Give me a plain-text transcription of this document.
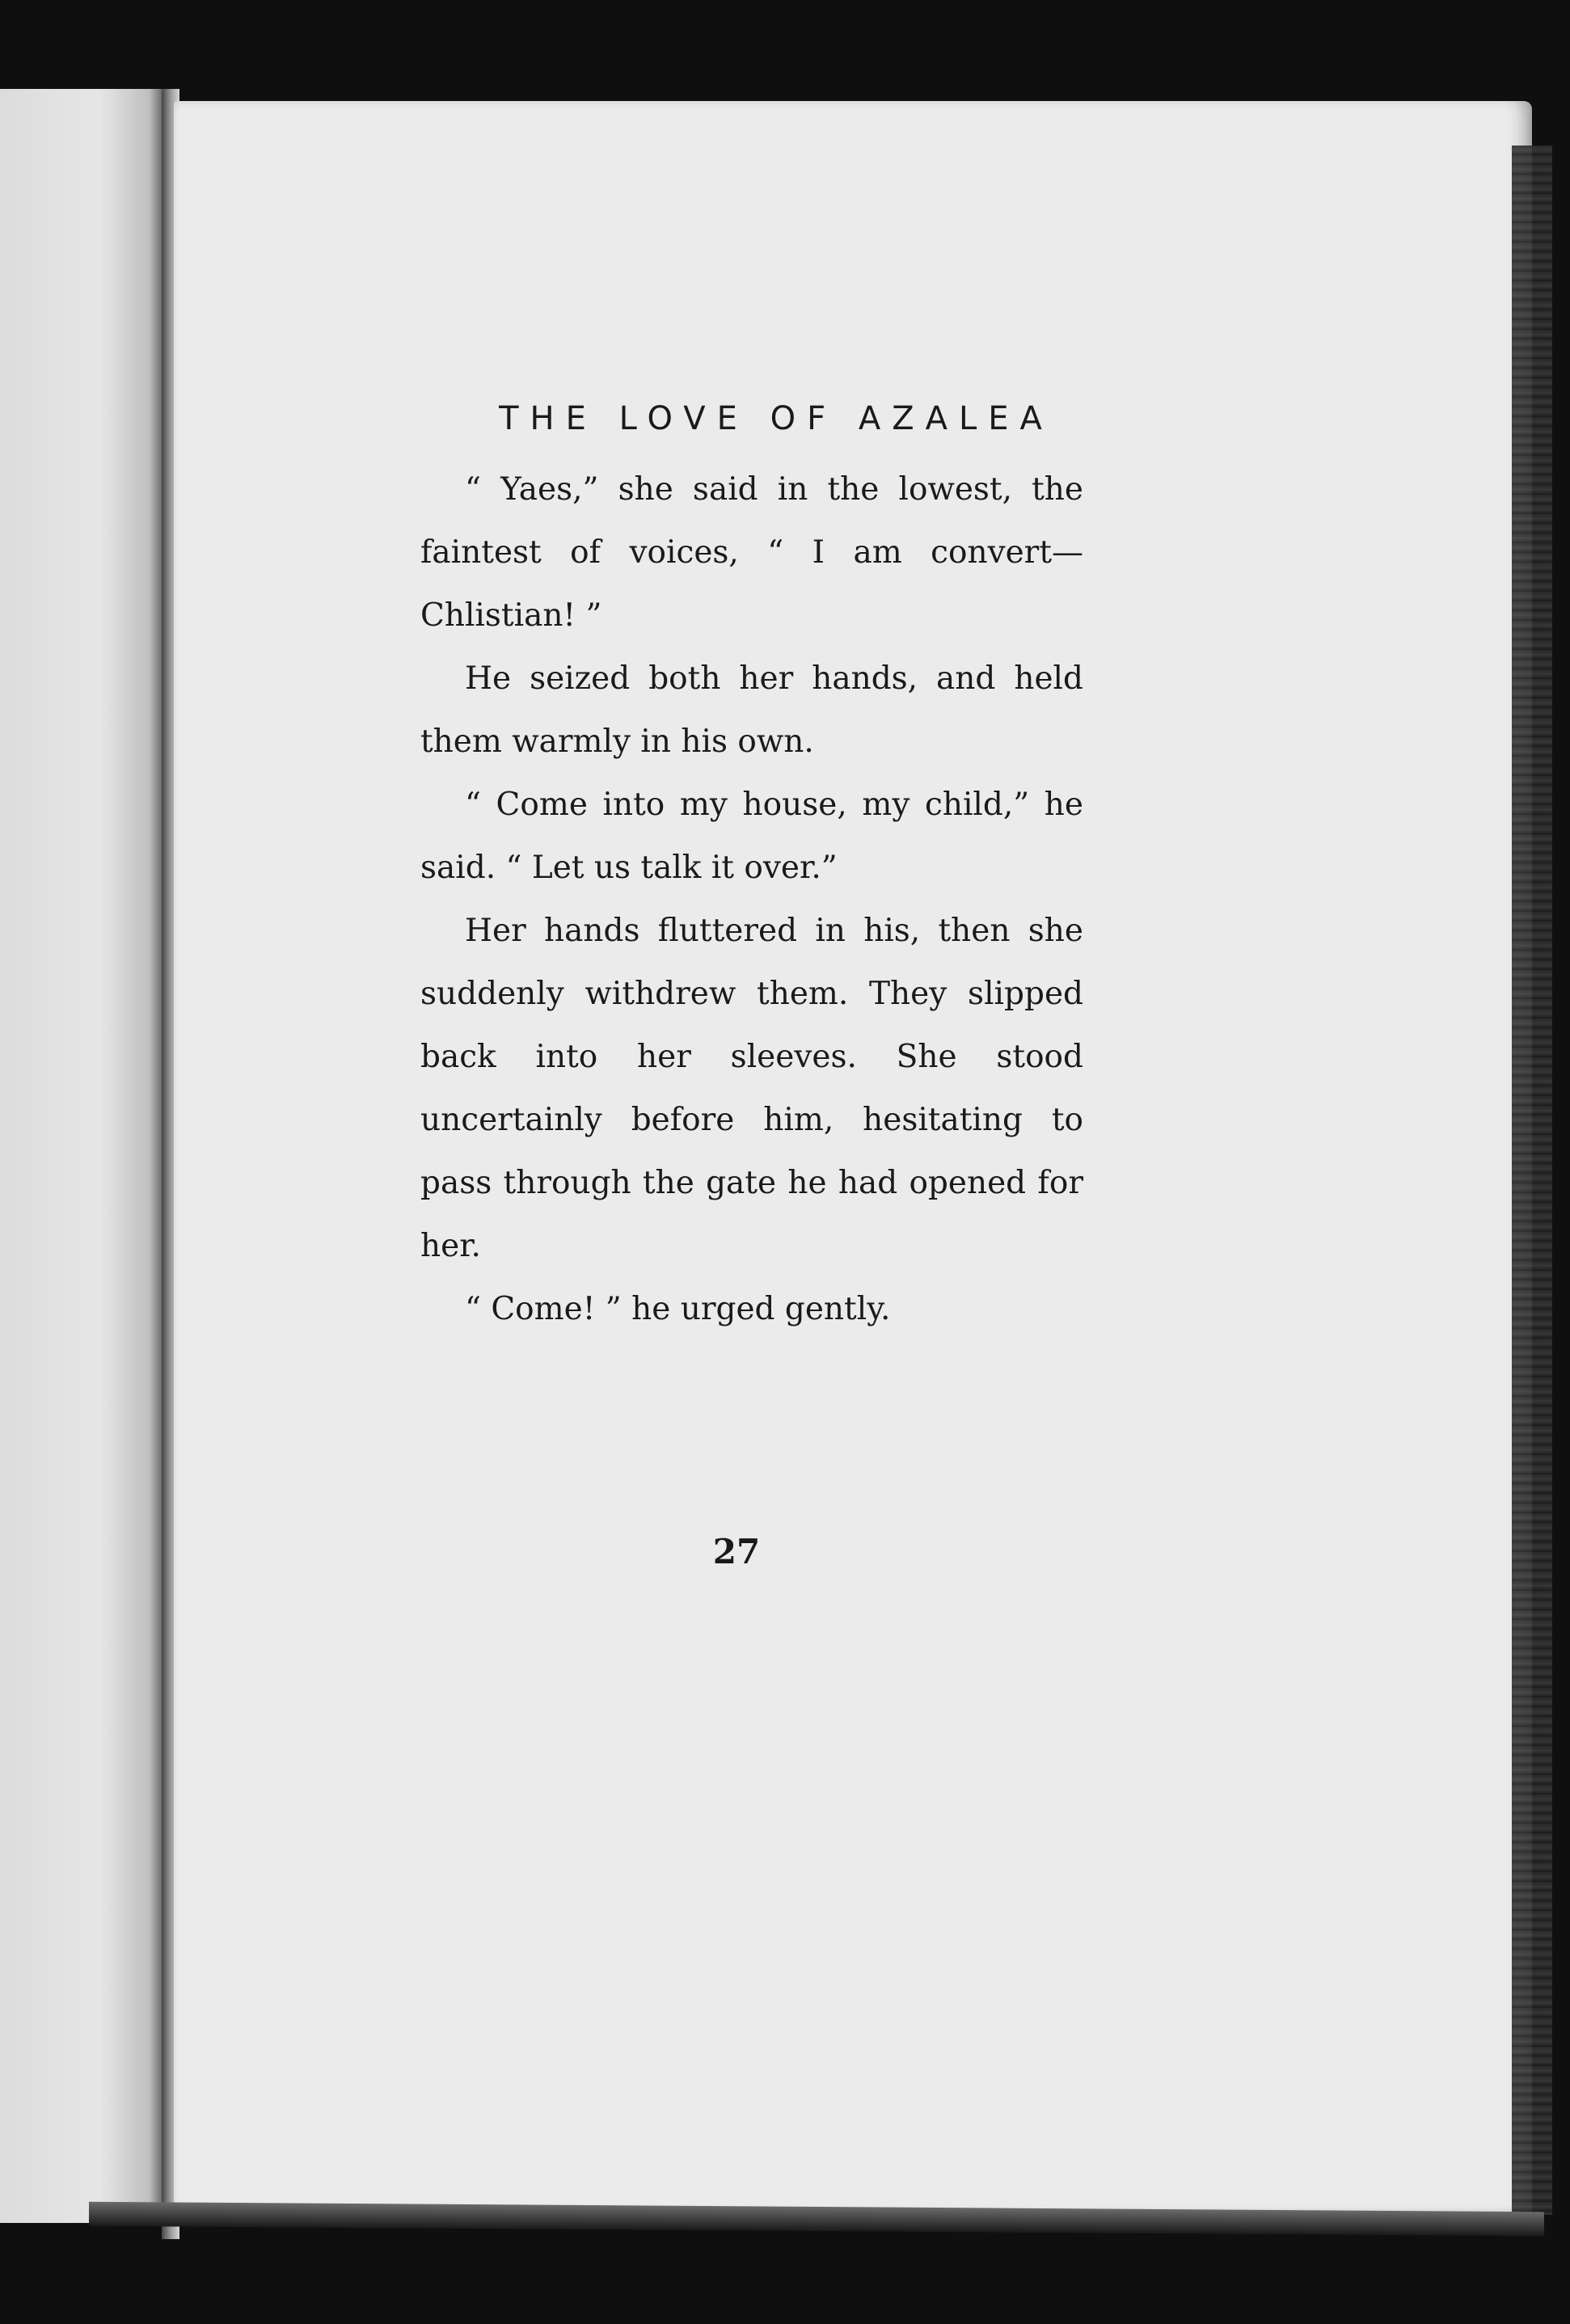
THE LOVE OF AZALEA

“ Yaes,” she said in the lowest, the faintest of voices, “ I am convert—Chlistian! ”

He seized both her hands, and held them warmly in his own.

“ Come into my house, my child,” he said. “ Let us talk it over.”

Her hands fluttered in his, then she suddenly withdrew them. They slipped back into her sleeves. She stood uncertainly before him, hesitating to pass through the gate he had opened for her.

“ Come! ” he urged gently.

27
